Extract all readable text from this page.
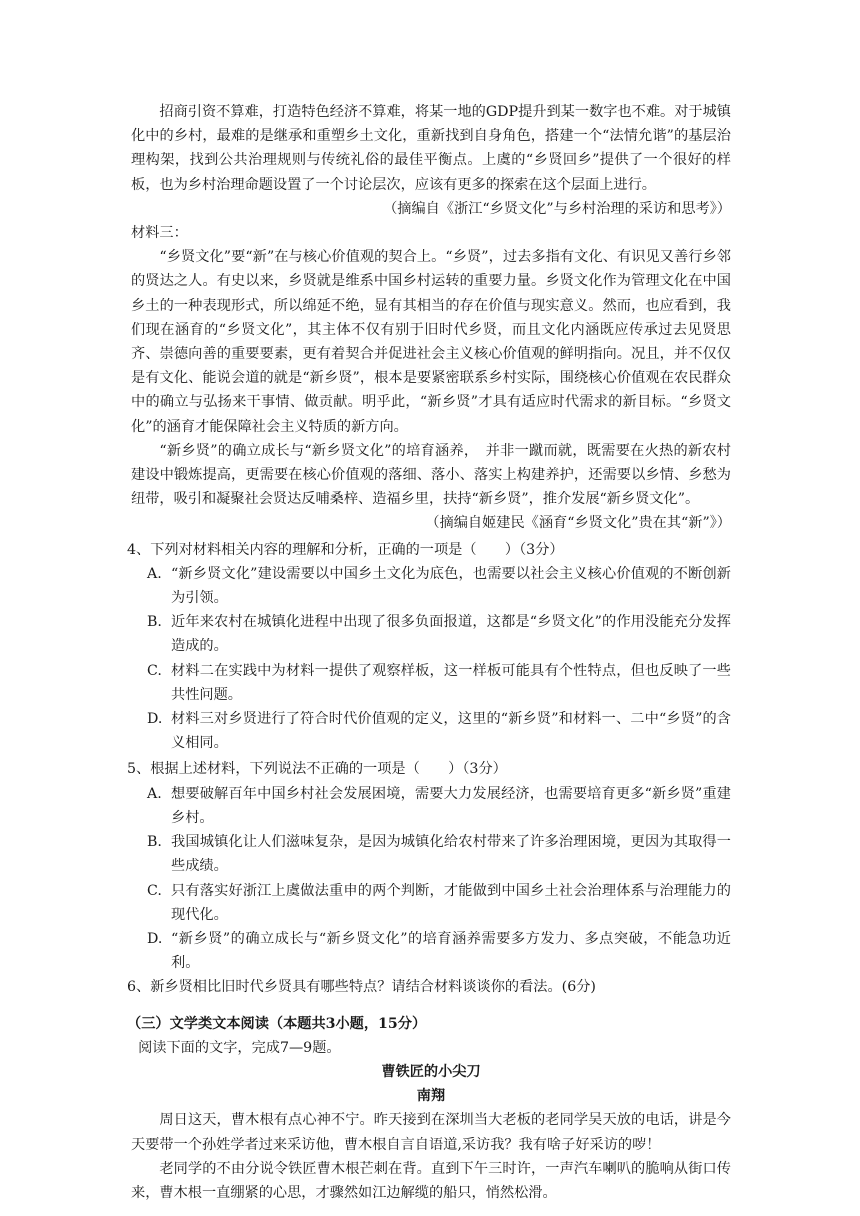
招商引资不算难，打造特色经济不算难，将某一地的GDP提升到某一数字也不难。对于城镇化中的乡村，最难的是继承和重塑乡土文化，重新找到自身角色，搭建一个“法情允谐”的基层治理构架，找到公共治理规则与传统礼俗的最佳平衡点。上虞的“乡贤回乡”提供了一个很好的样板，也为乡村治理命题设置了一个讨论层次，应该有更多的探索在这个层面上进行。

（摘编自《浙江“乡贤文化”与乡村治理的采访和思考》）

材料三：

“乡贤文化”要“新”在与核心价值观的契合上。“乡贤”，过去多指有文化、有识见又善行乡邻的贤达之人。有史以来，乡贤就是维系中国乡村运转的重要力量。乡贤文化作为管理文化在中国乡土的一种表现形式，所以绵延不绝，显有其相当的存在价值与现实意义。然而，也应看到，我们现在涵育的“乡贤文化”，其主体不仅有别于旧时代乡贤，而且文化内涵既应传承过去见贤思齐、崇德向善的重要要素，更有着契合并促进社会主义核心价值观的鲜明指向。况且，并不仅仅是有文化、能说会道的就是“新乡贤”，根本是要紧密联系乡村实际，围绕核心价值观在农民群众中的确立与弘扬来干事情、做贡献。明乎此，“新乡贤”才具有适应时代需求的新目标。“乡贤文化”的涵育才能保障社会主义特质的新方向。

“新乡贤”的确立成长与“新乡贤文化”的培育涵养，　并非一蹴而就，既需要在火热的新农村建设中锻炼提高，更需要在核心价值观的落细、落小、落实上构建养护，还需要以乡情、乡愁为纽带，吸引和凝聚社会贤达反哺桑梓、造福乡里，扶持“新乡贤”，推介发展“新乡贤文化”。

（摘编自姬建民《涵育“乡贤文化”贵在其“新”》）

4、下列对材料相关内容的理解和分析，正确的一项是（　　）（3分）

A. “新乡贤文化”建设需要以中国乡土文化为底色，也需要以社会主义核心价值观的不断创新为引领。
B. 近年来农村在城镇化进程中出现了很多负面报道，这都是“乡贤文化”的作用没能充分发挥造成的。
C. 材料二在实践中为材料一提供了观察样板，这一样板可能具有个性特点，但也反映了一些共性问题。
D. 材料三对乡贤进行了符合时代价值观的定义，这里的“新乡贤”和材料一、二中“乡贤”的含义相同。

5、根据上述材料，下列说法不正确的一项是（　　）（3分）

A. 想要破解百年中国乡村社会发展困境，需要大力发展经济，也需要培育更多“新乡贤”重建乡村。
B. 我国城镇化让人们滋味复杂，是因为城镇化给农村带来了许多治理困境，更因为其取得一些成绩。
C. 只有落实好浙江上虞做法重申的两个判断，才能做到中国乡土社会治理体系与治理能力的现代化。
D. “新乡贤”的确立成长与“新乡贤文化”的培育涵养需要多方发力、多点突破，不能急功近利。

6、新乡贤相比旧时代乡贤具有哪些特点？请结合材料谈谈你的看法。(6分)

（三）文学类文本阅读（本题共3小题，15分）

阅读下面的文字，完成7—9题。

曹铁匠的小尖刀

南翔

周日这天，曹木根有点心神不宁。昨天接到在深圳当大老板的老同学吴天放的电话，讲是今天要带一个孙姓学者过来采访他，曹木根自言自语道,采访我？我有啥子好采访的哕！

老同学的不由分说令铁匠曹木根芒刺在背。直到下午三时许，一声汽车喇叭的脆响从街口传来，曹木根一直绷紧的心思，才骤然如江边解缆的船只，悄然松滑。
